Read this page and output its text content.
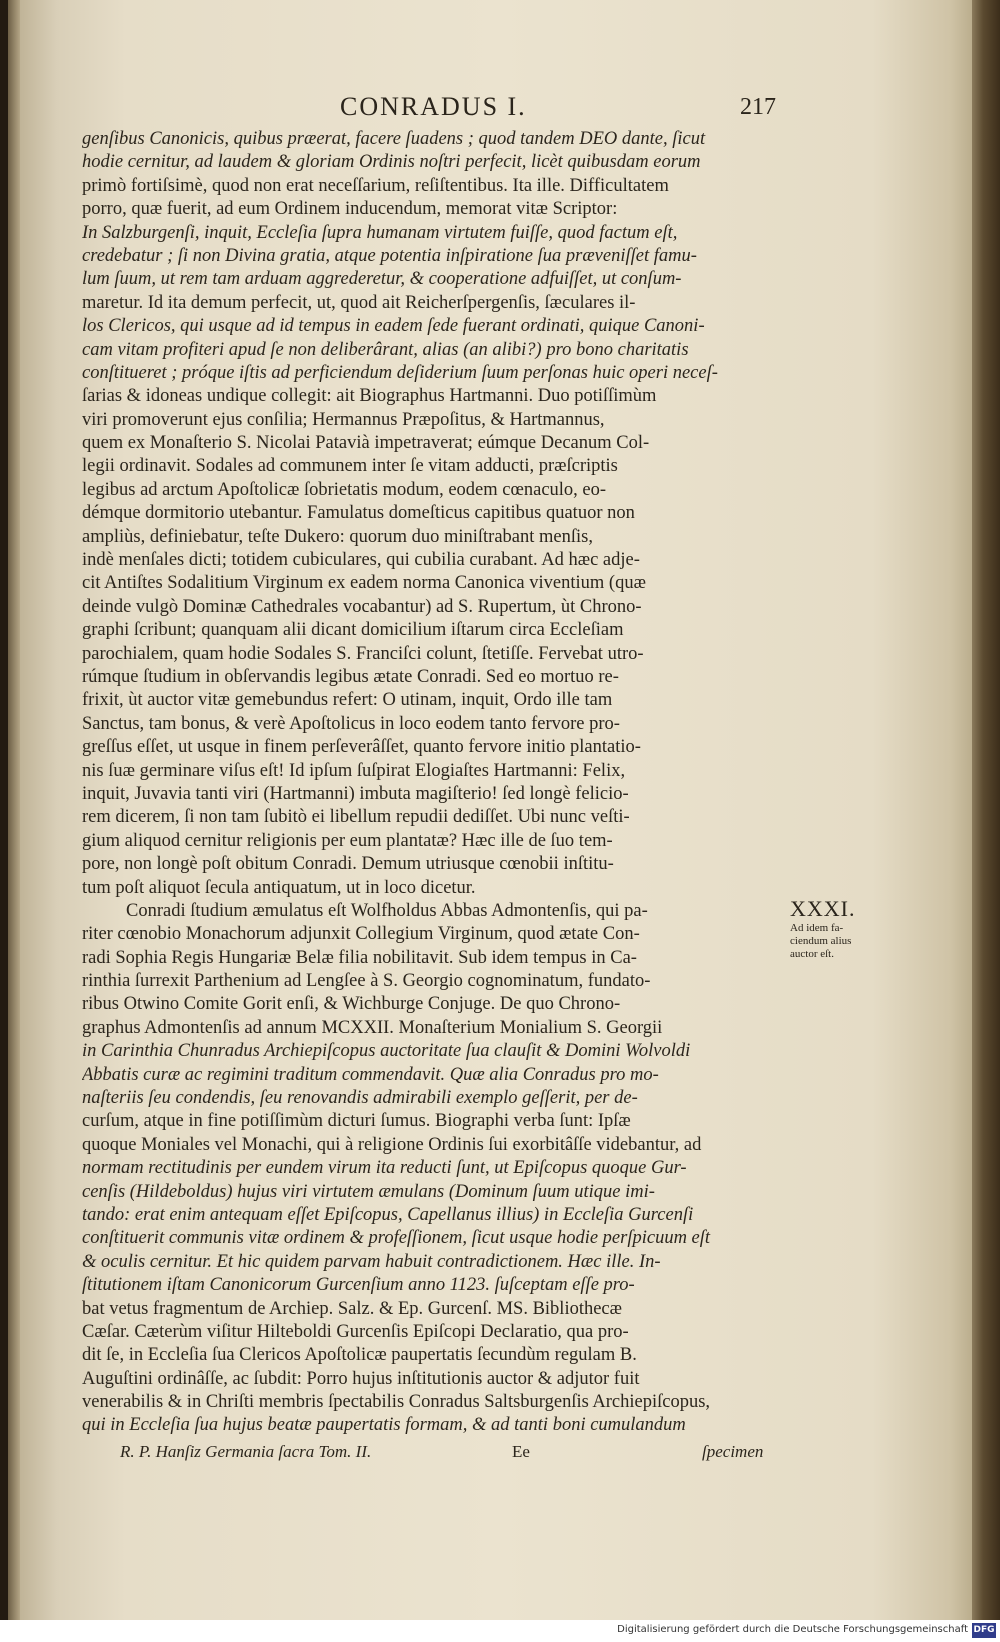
CONRADUS I.	217
genſibus Canonicis, quibus præerat, facere ſuadens ; quod tandem DEO dante, ſicut
hodie cernitur, ad laudem & gloriam Ordinis noſtri perfecit, licèt quibusdam eorum
primò fortiſsimè, quod non erat neceſſarium, reſiſtentibus. Ita ille. Difficultatem
porro, quæ fuerit, ad eum Ordinem inducendum, memorat vitæ Scriptor:
In Salzburgenſi, inquit, Eccleſia ſupra humanam virtutem fuiſſe, quod factum eſt,
credebatur ; ſi non Divina gratia, atque potentia inſpiratione ſua præveniſſet famu-
lum ſuum, ut rem tam arduam aggrederetur, & cooperatione adfuiſſet, ut conſum-
maretur. Id ita demum perfecit, ut, quod ait Reicherſpergenſis, ſæculares il-
los Clericos, qui usque ad id tempus in eadem ſede fuerant ordinati, quique Canoni-
cam vitam profiteri apud ſe non deliberârant, alias (an alibi?) pro bono charitatis
conſtitueret ; próque iſtis ad perficiendum deſiderium ſuum perſonas huic operi neceſ-
ſarias & idoneas undique collegit: ait Biographus Hartmanni. Duo potiſſimùm
viri promoverunt ejus conſilia; Hermannus Præpoſitus, & Hartmannus,
quem ex Monaſterio S. Nicolai Patavià impetraverat; eúmque Decanum Col-
legii ordinavit. Sodales ad communem inter ſe vitam adducti, præſcriptis
legibus ad arctum Apoſtolicæ ſobrietatis modum, eodem cœnaculo, eo-
démque dormitorio utebantur. Famulatus domeſticus capitibus quatuor non
ampliùs, definiebatur, teſte Dukero: quorum duo miniſtrabant menſis,
indè menſales dicti; totidem cubiculares, qui cubilia curabant. Ad hæc adje-
cit Antiſtes Sodalitium Virginum ex eadem norma Canonica viventium (quæ
deinde vulgò Dominæ Cathedrales vocabantur) ad S. Rupertum, ùt Chrono-
graphi ſcribunt; quanquam alii dicant domicilium iſtarum circa Eccleſiam
parochialem, quam hodie Sodales S. Franciſci colunt, ſtetiſſe. Fervebat utro-
rúmque ſtudium in obſervandis legibus ætate Conradi. Sed eo mortuo re-
frixit, ùt auctor vitæ gemebundus refert: O utinam, inquit, Ordo ille tam
Sanctus, tam bonus, & verè Apoſtolicus in loco eodem tanto fervore pro-
greſſus eſſet, ut usque in finem perſeverâſſet, quanto fervore initio plantatio-
nis ſuæ germinare viſus eſt! Id ipſum ſuſpirat Elogiaſtes Hartmanni: Felix,
inquit, Juvavia tanti viri (Hartmanni) imbuta magiſterio! ſed longè felicio-
rem dicerem, ſi non tam ſubitò ei libellum repudii dediſſet. Ubi nunc veſti-
gium aliquod cernitur religionis per eum plantatæ? Hæc ille de ſuo tem-
pore, non longè poſt obitum Conradi. Demum utriusque cœnobii inſtitu-
tum poſt aliquot ſecula antiquatum, ut in loco dicetur.
Conradi ſtudium æmulatus eſt Wolfholdus Abbas Admontenſis, qui pa-
riter cœnobio Monachorum adjunxit Collegium Virginum, quod ætate Con-
radi Sophia Regis Hungariæ Belæ filia nobilitavit. Sub idem tempus in Ca-
rinthia ſurrexit Parthenium ad Lengſee à S. Georgio cognominatum, fundato-
ribus Otwino Comite Gorit enſi, & Wichburge Conjuge. De quo Chrono-
graphus Admontenſis ad annum MCXXII. Monaſterium Monialium S. Georgii
in Carinthia Chunradus Archiepiſcopus auctoritate ſua clauſit & Domini Wolvoldi
Abbatis curæ ac regimini traditum commendavit. Quæ alia Conradus pro mo-
naſteriis ſeu condendis, ſeu renovandis admirabili exemplo geſſerit, per de-
curſum, atque in fine potiſſimùm dicturi ſumus. Biographi verba ſunt: Ipſæ
quoque Moniales vel Monachi, qui à religione Ordinis ſui exorbitâſſe videbantur, ad
normam rectitudinis per eundem virum ita reducti ſunt, ut Epiſcopus quoque Gur-
cenſis (Hildeboldus) hujus viri virtutem æmulans (Dominum ſuum utique imi-
tando: erat enim antequam eſſet Epiſcopus, Capellanus illius) in Eccleſia Gurcenſi
conſtituerit communis vitæ ordinem & profeſſionem, ſicut usque hodie perſpicuum eſt
& oculis cernitur. Et hic quidem parvam habuit contradictionem. Hæc ille. In-
ſtitutionem iſtam Canonicorum Gurcenſium anno 1123. ſuſceptam eſſe pro-
bat vetus fragmentum de Archiep. Salz. & Ep. Gurcenſ. MS. Bibliothecæ
Cæſar. Cæterùm viſitur Hilteboldi Gurcenſis Epiſcopi Declaratio, qua pro-
dit ſe, in Eccleſia ſua Clericos Apoſtolicæ paupertatis ſecundùm regulam B.
Auguſtini ordinâſſe, ac ſubdit: Porro hujus inſtitutionis auctor & adjutor fuit
venerabilis & in Chriſti membris ſpectabilis Conradus Saltsburgenſis Archiepiſcopus,
qui in Eccleſia ſua hujus beatæ paupertatis formam, & ad tanti boni cumulandum
XXXI.
Ad idem fa-
ciendum alius
auctor eſt.
R. P. Hanſiz Germania ſacra Tom. II.	Ee	ſpecimen
Digitalisierung gefördert durch die Deutsche Forschungsgemeinschaft DFG
